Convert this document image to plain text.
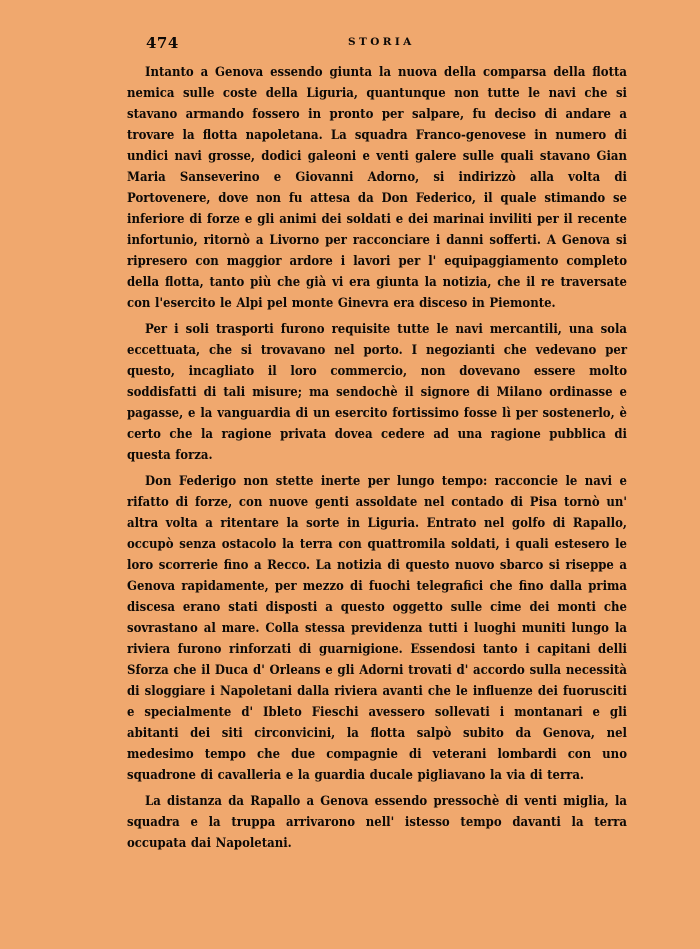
474	STORIA

Intanto a Genova essendo giunta la nuova della comparsa della flotta nemica sulle coste della Liguria, quantunque non tutte le navi che si stavano armando fossero in pronto per salpare, fu deciso di andare a trovare la flotta napoletana. La squadra Franco-genovese in numero di undici navi grosse, dodici galeoni e venti galere sulle quali stavano Gian Maria Sanseverino e Giovanni Adorno, si indirizzò alla volta di Portovenere, dove non fu attesa da Don Federico, il quale stimando se inferiore di forze e gli animi dei soldati e dei marinai inviliti per il recente infortunio, ritornò a Livorno per racconciare i danni sofferti. A Genova si ripresero con maggior ardore i lavori per l' equipaggiamento completo della flotta, tanto più che già vi era giunta la notizia, che il re traversate con l'esercito le Alpi pel monte Ginevra era disceso in Piemonte.

Per i soli trasporti furono requisite tutte le navi mercantili, una sola eccettuata, che si trovavano nel porto. I negozianti che vedevano per questo, incagliato il loro commercio, non dovevano essere molto soddisfatti di tali misure; ma sendochè il signore di Milano ordinasse e pagasse, e la vanguardia di un esercito fortissimo fosse lì per sostenerlo, è certo che la ragione privata dovea cedere ad una ragione pubblica di questa forza.

Don Federigo non stette inerte per lungo tempo: racconcie le navi e rifatto di forze, con nuove genti assoldate nel contado di Pisa tornò un' altra volta a ritentare la sorte in Liguria. Entrato nel golfo di Rapallo, occupò senza ostacolo la terra con quattromila soldati, i quali estesero le loro scorrerie fino a Recco. La notizia di questo nuovo sbarco si riseppe a Genova rapidamente, per mezzo di fuochi telegrafici che fino dalla prima discesa erano stati disposti a questo oggetto sulle cime dei monti che sovrastano al mare. Colla stessa previdenza tutti i luoghi muniti lungo la riviera furono rinforzati di guarnigione. Essendosi tanto i capitani delli Sforza che il Duca d' Orleans e gli Adorni trovati d' accordo sulla necessità di sloggiare i Napoletani dalla riviera avanti che le influenze dei fuorusciti e specialmente d' Ibleto Fieschi avessero sollevati i montanari e gli abitanti dei siti circonvicini, la flotta salpò subito da Genova, nel medesimo tempo che due compagnie di veterani lombardi con uno squadrone di cavalleria e la guardia ducale pigliavano la via di terra.

La distanza da Rapallo a Genova essendo pressochè di venti miglia, la squadra e la truppa arrivarono nell' istesso tempo davanti la terra occupata dai Napoletani.
